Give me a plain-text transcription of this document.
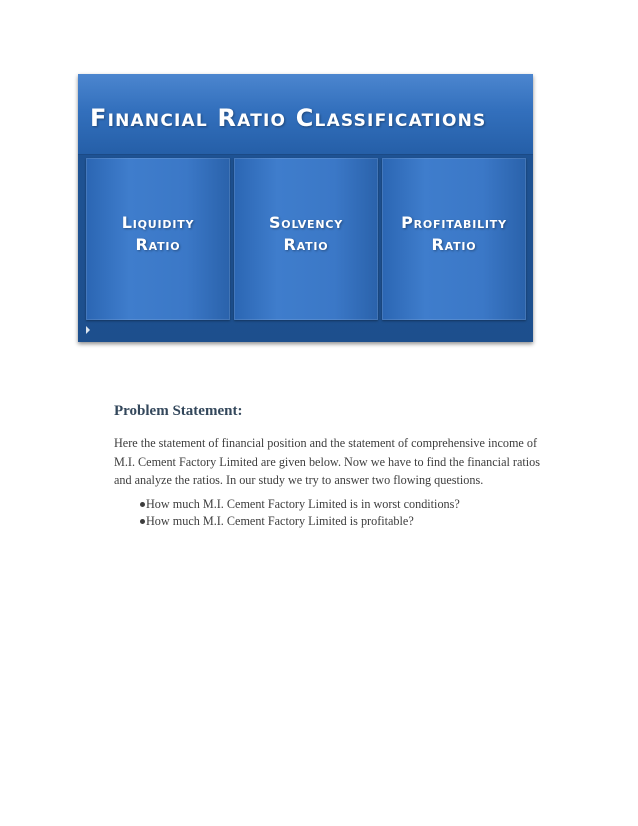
Financial Ratio Classifications
Liquidity
Ratio
Solvency
Ratio
Profitability
Ratio
Problem Statement:

Here the statement of financial position and the statement of comprehensive income of M.I. Cement Factory Limited are given below. Now we have to find the financial ratios and analyze the ratios. In our study we try to answer two flowing questions.

How much M.I. Cement Factory Limited is in worst conditions?
How much M.I. Cement Factory Limited is profitable?
